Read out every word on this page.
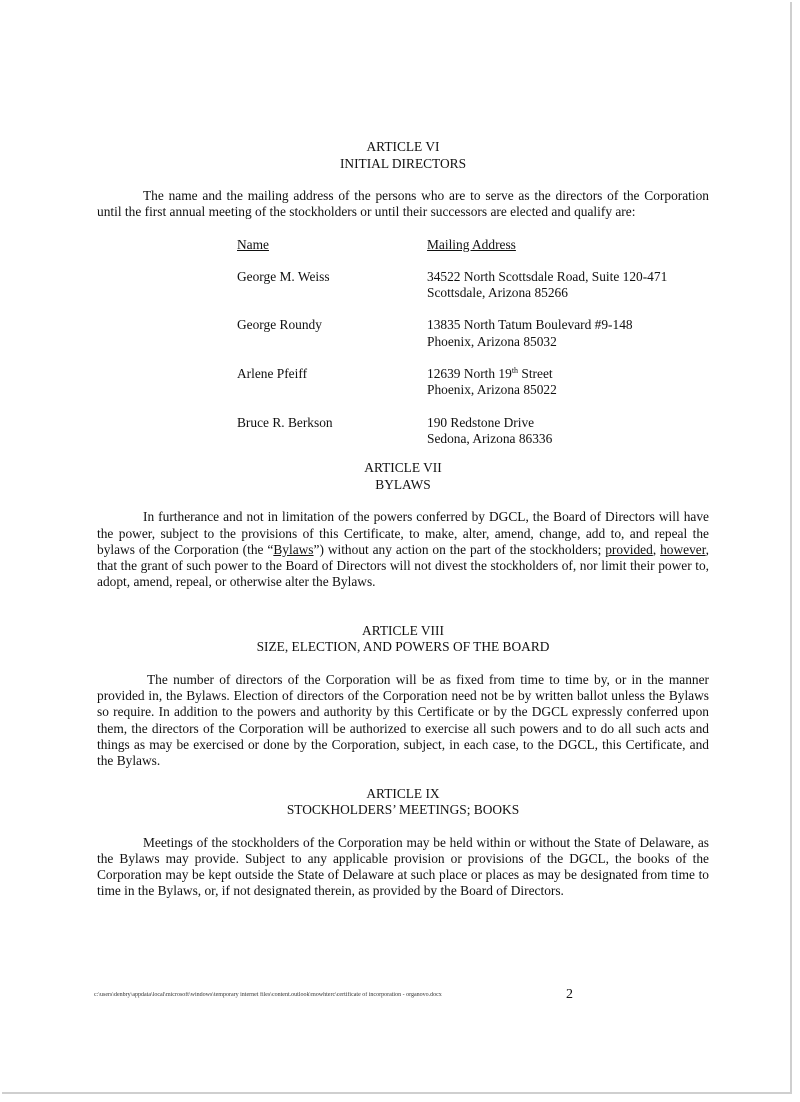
ARTICLE VI
INITIAL DIRECTORS

The name and the mailing address of the persons who are to serve as the directors of the Corporation until the first annual meeting of the stockholders or until their successors are elected and qualify are:

Name	Mailing Address
George M. Weiss	34522 North Scottsdale Road, Suite 120-471
Scottsdale, Arizona 85266
George Roundy	13835 North Tatum Boulevard #9-148
Phoenix, Arizona 85032
Arlene Pfeiff	12639 North 19th Street
Phoenix, Arizona 85022
Bruce R. Berkson	190 Redstone Drive
Sedona, Arizona 86336
ARTICLE VII
BYLAWS

In furtherance and not in limitation of the powers conferred by DGCL, the Board of Directors will have the power, subject to the provisions of this Certificate, to make, alter, amend, change, add to, and repeal the bylaws of the Corporation (the “Bylaws”) without any action on the part of the stockholders; provided, however, that the grant of such power to the Board of Directors will not divest the stockholders of, nor limit their power to, adopt, amend, repeal, or otherwise alter the Bylaws.

ARTICLE VIII
SIZE, ELECTION, AND POWERS OF THE BOARD

The number of directors of the Corporation will be as fixed from time to time by, or in the manner provided in, the Bylaws. Election of directors of the Corporation need not be by written ballot unless the Bylaws so require. In addition to the powers and authority by this Certificate or by the DGCL expressly conferred upon them, the directors of the Corporation will be authorized to exercise all such powers and to do all such acts and things as may be exercised or done by the Corporation, subject, in each case, to the DGCL, this Certificate, and the Bylaws.

ARTICLE IX
STOCKHOLDERS’ MEETINGS; BOOKS

Meetings of the stockholders of the Corporation may be held within or without the State of Delaware, as the Bylaws may provide. Subject to any applicable provision or provisions of the DGCL, the books of the Corporation may be kept outside the State of Delaware at such place or places as may be designated from time to time in the Bylaws, or, if not designated therein, as provided by the Board of Directors.

c:\users\denbry\appdata\local\microsoft\windows\temporary internet files\content.outlook\mowhterc\certificate of incorporation - organovo.docx	2
